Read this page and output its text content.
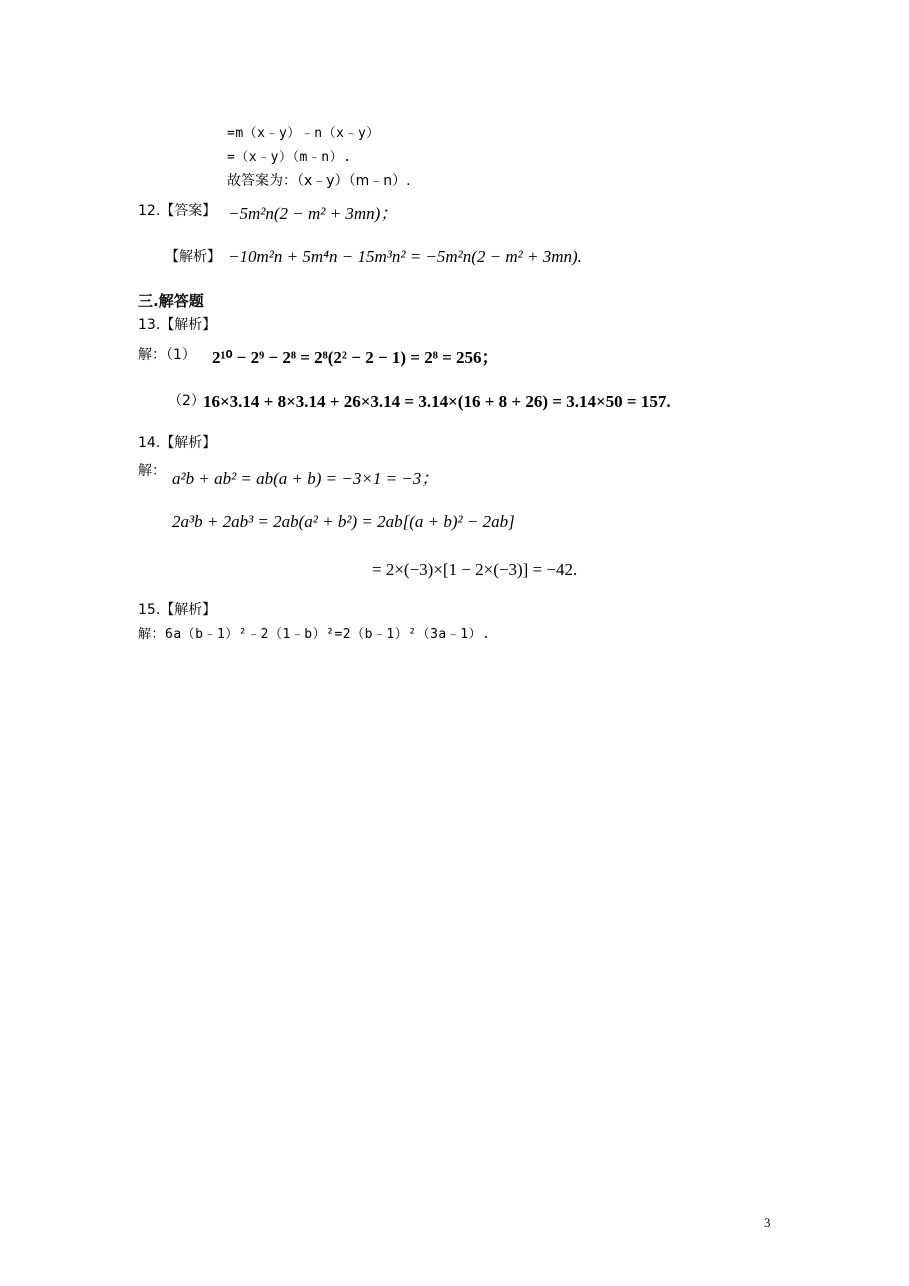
=m（x﹣y）﹣n（x﹣y）
=（x﹣y）（m﹣n）.
故答案为：（x﹣y）（m﹣n）.
12.【答案】 −5m²n(2 − m² + 3mn)；
【解析】 −10m²n + 5m⁴n − 15m³n² = −5m²n(2 − m² + 3mn).
三.解答题
13.【解析】
解：（1） 2¹⁰ − 2⁹ − 2⁸ = 2⁸(2² − 2 − 1) = 2⁸ = 256；
（2）
16×3.14 + 8×3.14 + 26×3.14 = 3.14×(16 + 8 + 26) = 3.14×50 = 157.
14.【解析】
解： a²b + ab² = ab(a + b) = −3×1 = −3；
2a³b + 2ab³ = 2ab(a² + b²) = 2ab[(a + b)² − 2ab]
= 2×(−3)×[1 − 2×(−3)] = −42.
15.【解析】
解：6a（b﹣1）²﹣2（1﹣b）²=2（b﹣1）²（3a﹣1）.
3
